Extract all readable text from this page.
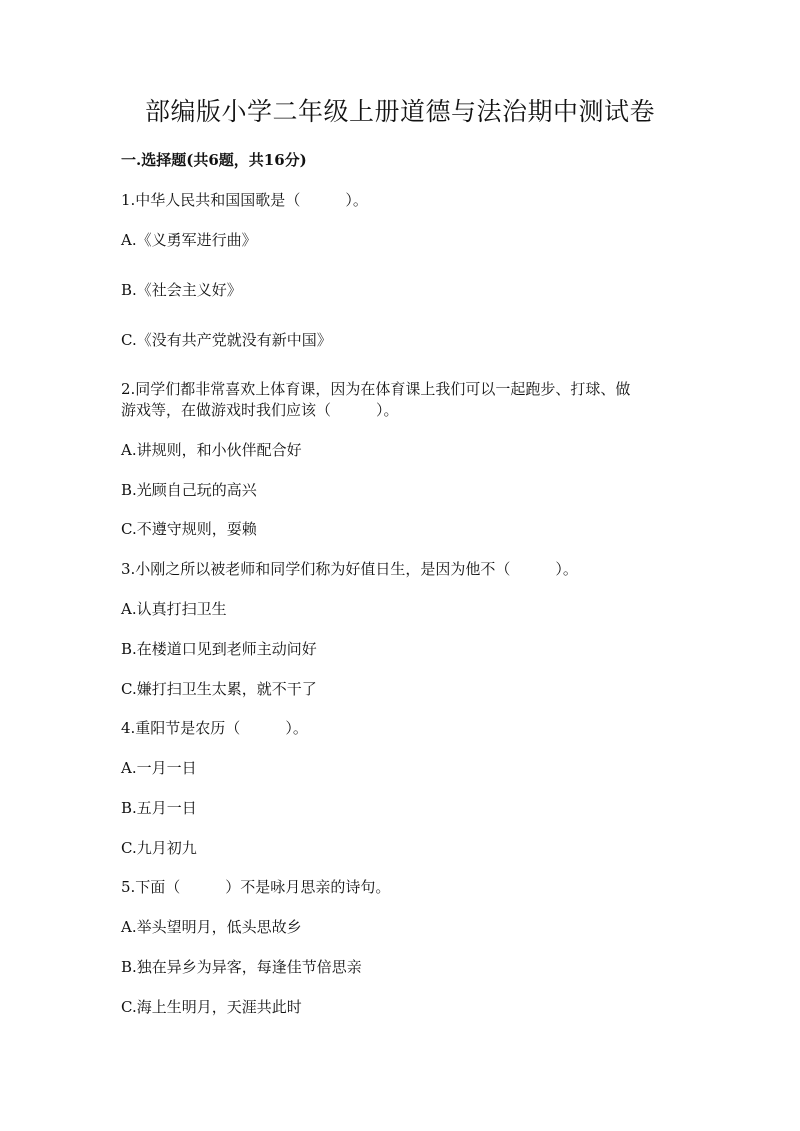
部编版小学二年级上册道德与法治期中测试卷
一.选择题(共6题，共16分)
1.中华人民共和国国歌是（　　　）。
A.《义勇军进行曲》
B.《社会主义好》
C.《没有共产党就没有新中国》
2.同学们都非常喜欢上体育课，因为在体育课上我们可以一起跑步、打球、做
游戏等，在做游戏时我们应该（　　　）。
A.讲规则，和小伙伴配合好
B.光顾自己玩的高兴
C.不遵守规则，耍赖
3.小刚之所以被老师和同学们称为好值日生，是因为他不（　　　）。
A.认真打扫卫生
B.在楼道口见到老师主动问好
C.嫌打扫卫生太累，就不干了
4.重阳节是农历（　　　）。
A.一月一日
B.五月一日
C.九月初九
5.下面（　　　）不是咏月思亲的诗句。
A.举头望明月，低头思故乡
B.独在异乡为异客，每逢佳节倍思亲
C.海上生明月，天涯共此时
